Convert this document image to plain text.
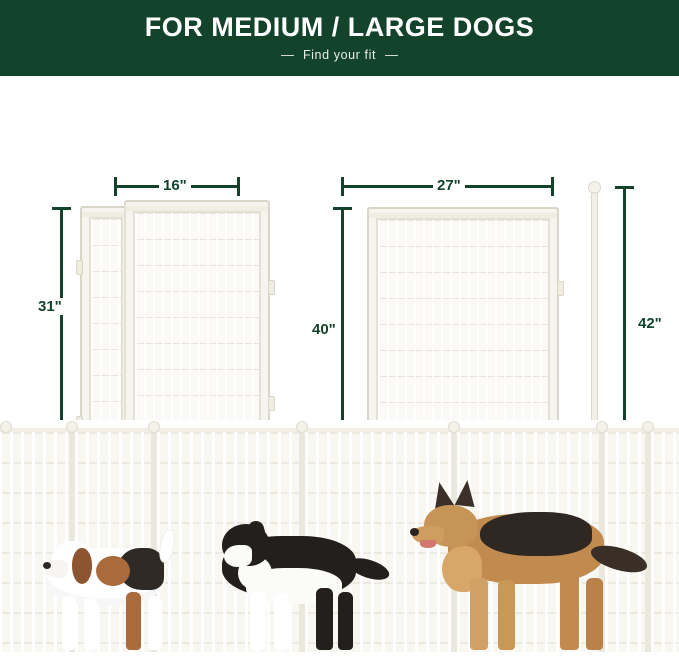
FOR MEDIUM / LARGE DOGS
Find your fit
16"
31"
27"
40"	42"
